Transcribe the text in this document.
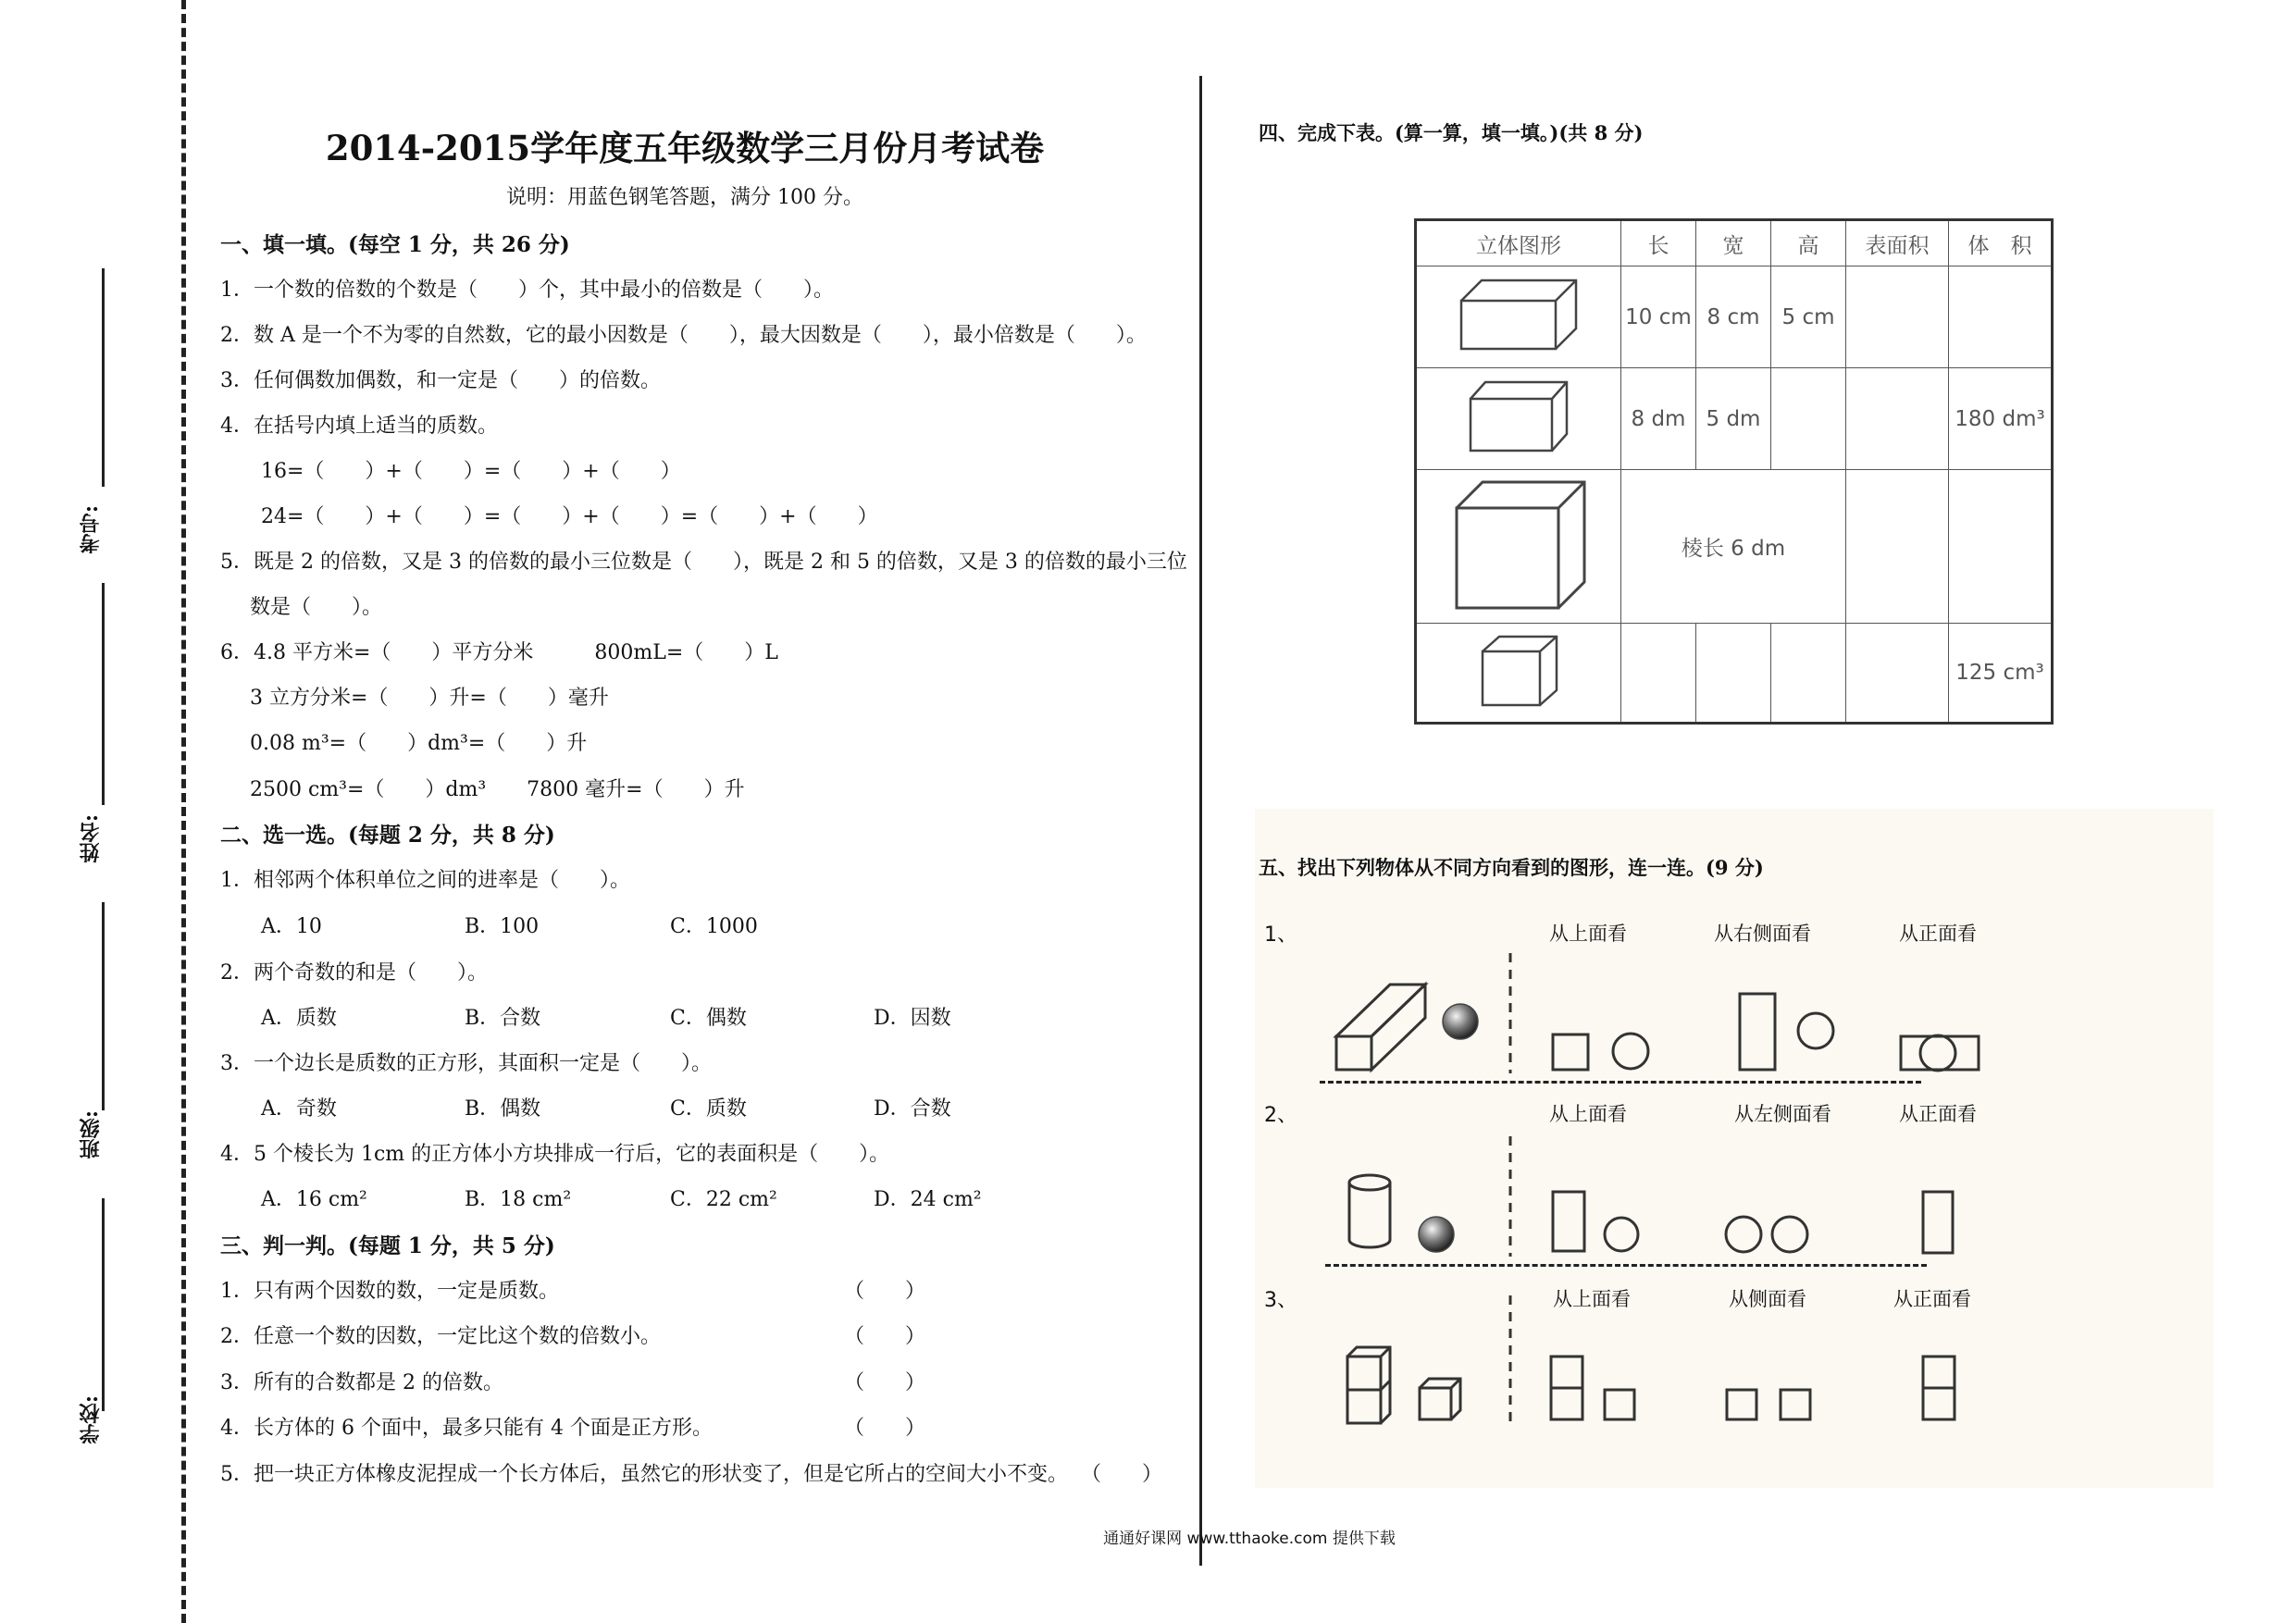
考号:
姓名:
班级:
学校:
2014-2015学年度五年级数学三月份月考试卷
说明：用蓝色钢笔答题，满分 100 分。
一、填一填。(每空 1 分，共 26 分)
1．一个数的倍数的个数是（　　）个，其中最小的倍数是（　　）。
2．数 A 是一个不为零的自然数，它的最小因数是（　　），最大因数是（　　），最小倍数是（　　）。
3．任何偶数加偶数，和一定是（　　）的倍数。
4．在括号内填上适当的质数。
16=（　　）+（　　）=（　　）+（　　）
24=（　　）+（　　）=（　　）+（　　）=（　　）+（　　）
5．既是 2 的倍数，又是 3 的倍数的最小三位数是（　　），既是 2 和 5 的倍数，又是 3 的倍数的最小三位
数是（　　）。
6．4.8 平方米=（　　）平方分米　　　800mL=（　　）L
3 立方分米=（　　）升=（　　）毫升
0.08 m³=（　　）dm³=（　　）升
2500 cm³=（　　）dm³　　7800 毫升=（　　）升
二、选一选。(每题 2 分，共 8 分)
1．相邻两个体积单位之间的进率是（　　）。
A．10	B．100	C．1000
2．两个奇数的和是（　　）。
A．质数	B．合数	C．偶数	D．因数
3．一个边长是质数的正方形，其面积一定是（　　）。
A．奇数	B．偶数	C．质数	D．合数
4．5 个棱长为 1cm 的正方体小方块排成一行后，它的表面积是（　　）。
A．16 cm²	B．18 cm²	C．22 cm²	D．24 cm²
三、判一判。(每题 1 分，共 5 分)
1．只有两个因数的数，一定是质数。	（　　）
2．任意一个数的因数，一定比这个数的倍数小。	（　　）
3．所有的合数都是 2 的倍数。	（　　）
4．长方体的 6 个面中，最多只能有 4 个面是正方形。	（　　）
5．把一块正方体橡皮泥捏成一个长方体后，虽然它的形状变了，但是它所占的空间大小不变。 （　　）
四、完成下表。(算一算，填一填。)(共 8 分)
立体图形	长	宽	高	表面积	体　积
	10 cm	8 cm	5 cm		
	8 dm	5 dm			180 dm³
	棱长 6 dm				
					125 cm³
五、找出下列物体从不同方向看到的图形，连一连。(9 分)
1、	从上面看	从右侧面看	从正面看
2、	从上面看	从左侧面看	从正面看
3、	从上面看	从侧面看	从正面看
通通好课网 www.tthaoke.com 提供下载
